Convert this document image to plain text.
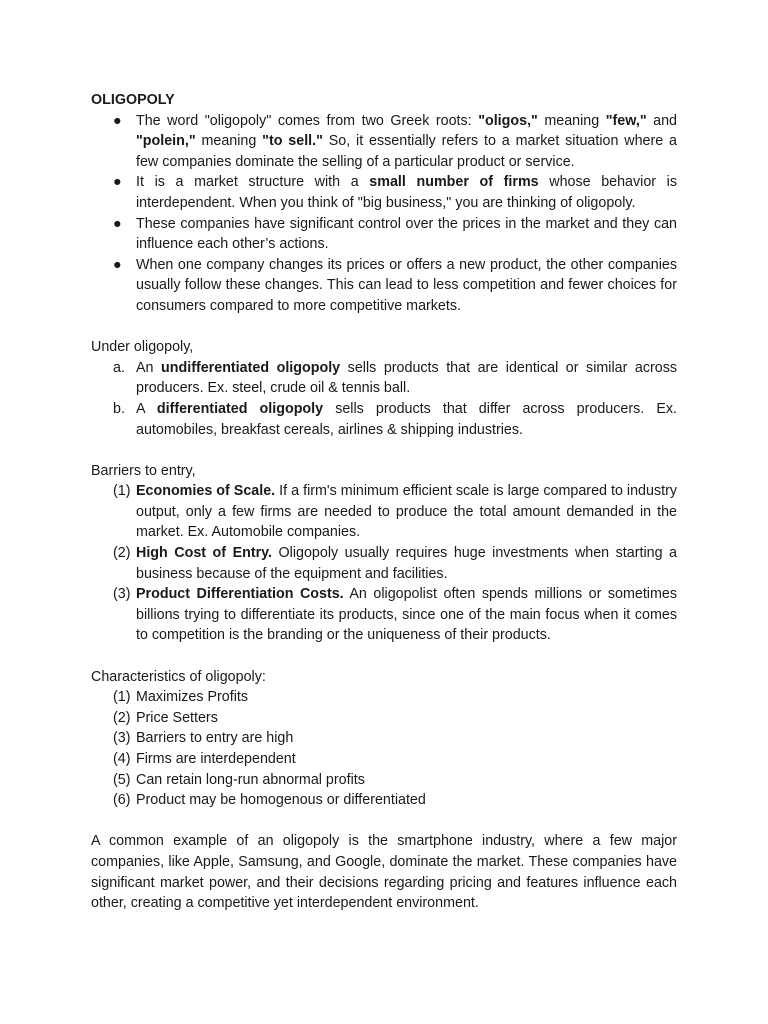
OLIGOPOLY

● The word "oligopoly" comes from two Greek roots: "oligos," meaning "few," and "polein," meaning "to sell." So, it essentially refers to a market situation where a few companies dominate the selling of a particular product or service.
● It is a market structure with a small number of firms whose behavior is interdependent. When you think of "big business," you are thinking of oligopoly.
● These companies have significant control over the prices in the market and they can influence each other’s actions.
● When one company changes its prices or offers a new product, the other companies usually follow these changes. This can lead to less competition and fewer choices for consumers compared to more competitive markets.

Under oligopoly,

a. An undifferentiated oligopoly sells products that are identical or similar across producers. Ex. steel, crude oil & tennis ball.
b. A differentiated oligopoly sells products that differ across producers. Ex. automobiles, breakfast cereals, airlines & shipping industries.

Barriers to entry,

(1) Economies of Scale. If a firm's minimum efficient scale is large compared to industry output, only a few firms are needed to produce the total amount demanded in the market. Ex. Automobile companies.
(2) High Cost of Entry. Oligopoly usually requires huge investments when starting a business because of the equipment and facilities.
(3) Product Differentiation Costs. An oligopolist often spends millions or sometimes billions trying to differentiate its products, since one of the main focus when it comes to competition is the branding or the uniqueness of their products.

Characteristics of oligopoly:

(1) Maximizes Profits
(2) Price Setters
(3) Barriers to entry are high
(4) Firms are interdependent
(5) Can retain long-run abnormal profits
(6) Product may be homogenous or differentiated

A common example of an oligopoly is the smartphone industry, where a few major companies, like Apple, Samsung, and Google, dominate the market. These companies have significant market power, and their decisions regarding pricing and features influence each other, creating a competitive yet interdependent environment.
